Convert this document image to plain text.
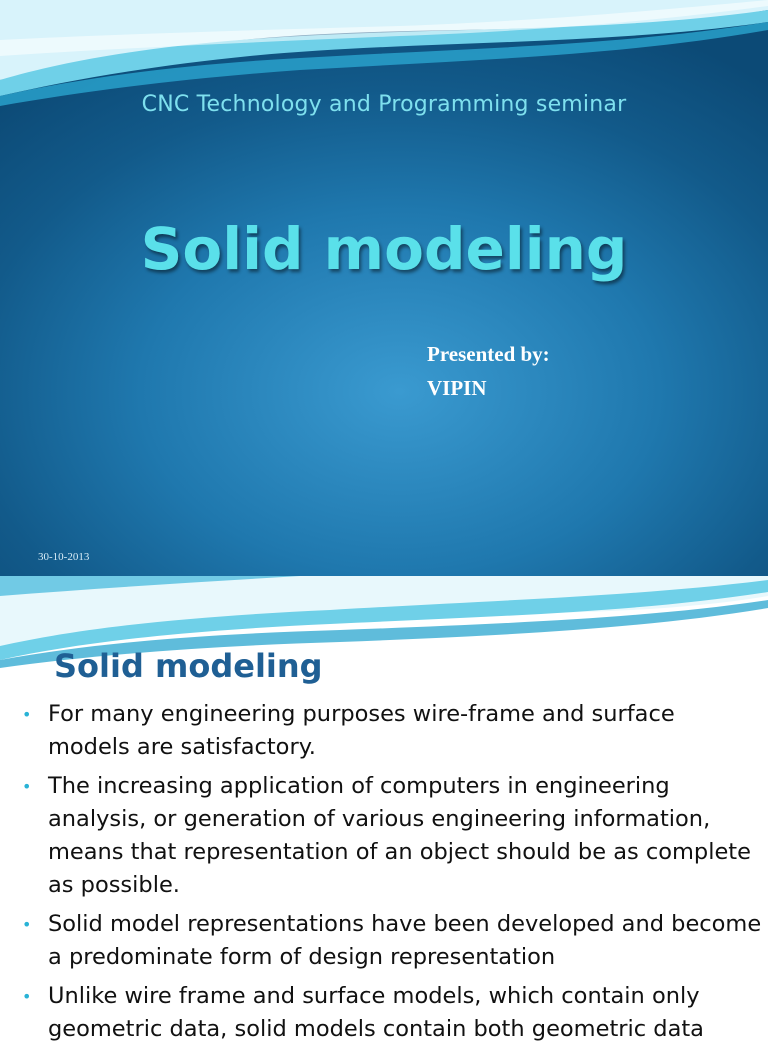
CNC Technology and Programming seminar
Solid modeling
Presented by:
VIPIN
30-10-2013
Solid modeling
• For many engineering purposes wire-frame and surface models are satisfactory.
• The increasing application of computers in engineering analysis, or generation of various engineering information, means that representation of an object should be as complete as possible.
• Solid model representations have been developed and become a predominate form of design representation
• Unlike wire frame and surface models, which contain only geometric data, solid models contain both geometric data
